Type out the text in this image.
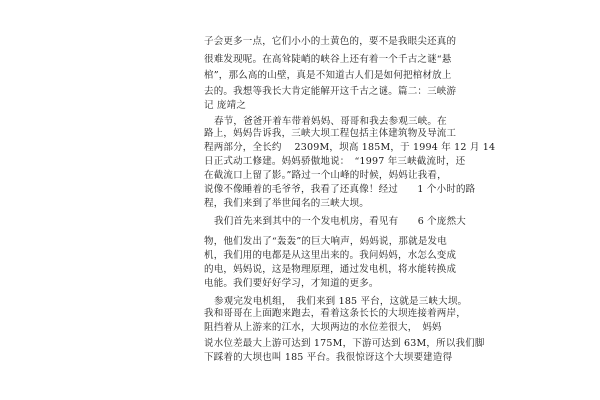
子会更多一点，它们小小的土黄色的，要不是我眼尖还真的
很难发现呢。在高耸陡峭的峡谷上还有着一个千古之谜“悬
棺”，那么高的山壁，真是不知道古人们是如何把棺材放上
去的。我想等我长大肯定能解开这千古之谜。篇二：三峡游
记 庞靖之
春节，爸爸开着车带着妈妈、哥哥和我去参观三峡。在
路上，妈妈告诉我，三峡大坝工程包括主体建筑物及导流工
程两部分，全长约　 2309M，坝高 185M，于 1994 年 12 月 14
日正式动工修建。妈妈骄傲地说：　“1997 年三峡截流时，还
在截流口上留了影。”路过一个山峰的时候，妈妈让我看，
说像不像睡着的毛爷爷，我看了还真像！经过　　1 个小时的路
程，我们来到了举世闻名的三峡大坝。
我们首先来到其中的一个发电机房，看见有　　6 个庞然大
物，他们发出了“轰轰”的巨大响声，妈妈说，那就是发电
机，我们用的电都是从这里出来的。我问妈妈，水怎么变成
的电，妈妈说，这是物理原理，通过发电机，将水能转换成
电能。我们要好好学习，才知道的更多。
参观完发电机组，　我们来到 185 平台，这就是三峡大坝。
我和哥哥在上面跑来跑去，看着这条长长的大坝连接着两岸，
阻挡着从上游来的江水，大坝两边的水位差很大，　妈妈
说水位差最大上游可达到 175M，下游可达到 63M，所以我们脚
下踩着的大坝也叫 185 平台。我很惊讶这个大坝要建造得
